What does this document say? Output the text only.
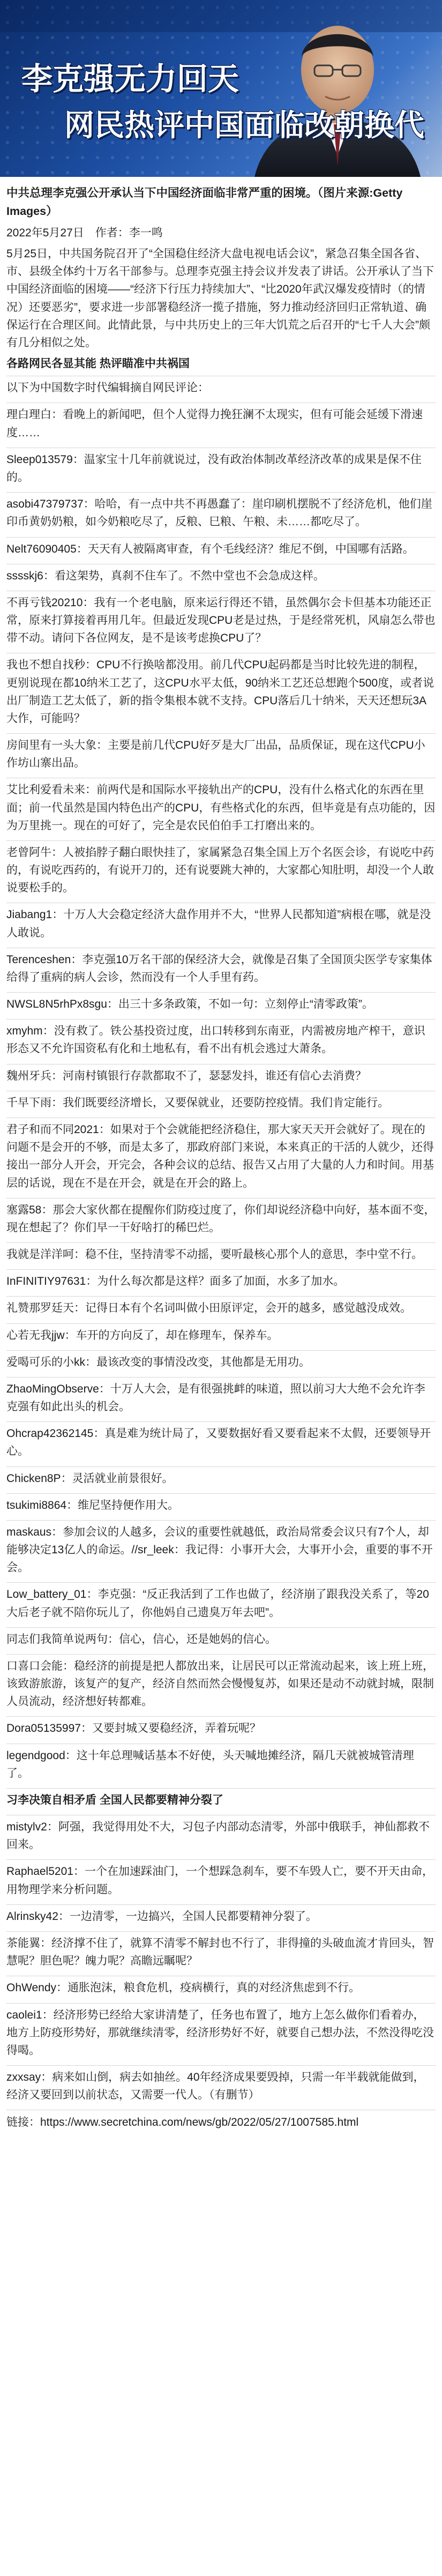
李克强无力回天
网民热评中国面临改朝换代

中共总理李克强公开承认当下中国经济面临非常严重的困境。（图片来源:Getty Images）

2022年5月27日　作者：李一鸣

5月25日，中共国务院召开了“全国稳住经济大盘电视电话会议”，紧急召集全国各省、市、县级全体约十万名干部参与。总理李克强主持会议并发表了讲话。公开承认了当下中国经济面临的困境——“经济下行压力持续加大”、“比2020年武汉爆发疫情时（的情况）还要恶劣”，要求进一步部署稳经济一揽子措施，努力推动经济回归正常轨道、确保运行在合理区间。此情此景，与中共历史上的三年大饥荒之后召开的“七千人大会”颇有几分相似之处。

各路网民各显其能 热评瞄准中共祸国

以下为中国数字时代编辑摘自网民评论：

理白理白：看晚上的新闻吧，但个人觉得力挽狂澜不太现实，但有可能会延缓下滑速度……

Sleep013579：温家宝十几年前就说过，没有政治体制改革经济改革的成果是保不住的。

asobi47379737：哈哈，有一点中共不再愚蠢了：崖印刷机摆脱不了经济危机，他们崖印币黄奶奶粮，如今奶粮吃尽了，反粮、巳粮、午粮、未……都吃尽了。

Nelt76090405：天天有人被隔离审查，有个毛线经济？维尼不倒，中国哪有活路。

sssskj6：看这架势，真刹不住车了。不然中堂也不会急成这样。

不再亏钱20210：我有一个老电脑，原来运行得还不错，虽然偶尔会卡但基本功能还正常，原来打算接着再用几年。但最近发现CPU老是过热，于是经常死机，风扇怎么带也带不动。请问下各位网友，是不是该考虑换CPU了？

我也不想自找秒：CPU不行换啥都没用。前几代CPU起码都是当时比较先进的制程，更别说现在都10纳米工艺了，这CPU水平太低，90纳米工艺还总想跑个500度，或者说出厂制造工艺太低了，新的指令集根本就不支持。CPU落后几十纳米，天天还想玩3A大作，可能吗？

房间里有一头大象：主要是前几代CPU好歹是大厂出品，品质保证，现在这代CPU小作坊山寨出品。

艾比利爱看未来：前两代是和国际水平接轨出产的CPU，没有什么格式化的东西在里面；前一代虽然是国内特色出产的CPU，有些格式化的东西，但毕竟是有点功能的，因为万里挑一。现在的可好了，完全是农民伯伯手工打磨出来的。

老曾阿牛：人被掐脖子翻白眼快挂了，家属紧急召集全国上万个名医会诊，有说吃中药的，有说吃西药的，有说开刀的，还有说要跳大神的，大家都心知肚明，却没一个人敢说要松手的。

Jiabang1：十万人大会稳定经济大盘作用并不大，“世界人民都知道”病根在哪，就是没人敢说。

Terenceshen：李克强10万名干部的保经济大会，就像是召集了全国顶尖医学专家集体给得了重病的病人会诊，然而没有一个人手里有药。

NWSL8N5rhPx8sgu：出三十多条政策，不如一句：立刻停止“清零政策”。

xmyhm：没有救了。铁公基投资过度，出口转移到东南亚，内需被房地产榨干，意识形态又不允许国资私有化和土地私有，看不出有机会逃过大萧条。

魏州牙兵：河南村镇银行存款都取不了，瑟瑟发抖，谁还有信心去消费？

千早下雨：我们既要经济增长，又要保就业，还要防控疫情。我们肯定能行。

君子和而不同2021：如果对于个会就能把经济稳住，那大家天天开会就好了。现在的问题不是会开的不够，而是太多了，那政府部门来说，本来真正的干活的人就少，还得接出一部分人开会，开完会，各种会议的总结、报告又占用了大量的人力和时间。用基层的话说，现在不是在开会，就是在开会的路上。

塞露58：那会大家伙都在提醒你们防疫过度了，你们却说经济稳中向好，基本面不变，现在想起了？你们早一干好啥打的稀巴烂。

我就是洋洋呵：稳不住，坚持清零不动摇，要听最核心那个人的意思，李中堂不行。

InFINITIY97631：为什么每次都是这样？面多了加面，水多了加水。

礼赞那罗廷天：记得日本有个名词叫做小田原评定，会开的越多，感觉越没成效。

心若无我jjw：车开的方向反了，却在修理车，保养车。

爱喝可乐的小kk：最该改变的事情没改变，其他都是无用功。

ZhaoMingObserve：十万人大会，是有很强挑衅的味道，照以前习大大绝不会允许李克强有如此出头的机会。

Ohcrap42362145：真是难为统计局了，又要数据好看又要看起来不太假，还要领导开心。

Chicken8P：灵活就业前景很好。

tsukimi8864：维尼坚持便作用大。

maskaus：参加会议的人越多，会议的重要性就越低，政治局常委会议只有7个人，却能够决定13亿人的命运。//sr_leek：我记得：小事开大会，大事开小会，重要的事不开会。

Low_battery_01：李克强：“反正我活到了工作也做了，经济崩了跟我没关系了，等20大后老子就不陪你玩儿了，你他妈自己遗臭万年去吧”。

同志们我简单说两句：信心，信心，还是她妈的信心。

口喜口会能：稳经济的前提是把人都放出来，让居民可以正常流动起来，该上班上班，该致游旅游，该复产的复产，经济自然而然会慢慢复苏，如果还是动不动就封城，限制人员流动，经济想好转都难。

Dora05135997：又要封城又要稳经济，弄着玩呢？

legendgood：这十年总理喊话基本不好使，头天喊地摊经济，隔几天就被城管清理了。

习李决策自相矛盾 全国人民都要精神分裂了

mistylv2：阿强，我觉得用处不大，习包子内部动态清零，外部中俄联手，神仙都救不回来。

Raphael5201：一个在加速踩油门，一个想踩急刹车，要不车毁人亡，要不开天由命，用物理学来分析问题。

Alrinsky42：一边清零，一边搞兴，全国人民都要精神分裂了。

茶能翼：经济撑不住了，就算不清零不解封也不行了，非得撞的头破血流才肯回头，智慧呢？胆色呢？魄力呢？高瞻远瞩呢？

OhWendy：通胀泡沫，粮食危机，疫病横行，真的对经济焦虑到不行。

caolei1：经济形势已经给大家讲清楚了，任务也布置了，地方上怎么做你们看着办，地方上防疫形势好，那就继续清零，经济形势好不好，就要自己想办法，不然没得吃没得喝。

zxxsay：病来如山倒，病去如抽丝。40年经济成果要毁掉，只需一年半载就能做到，经济又要回到以前状态，又需要一代人。（有删节）

链接：https://www.secretchina.com/news/gb/2022/05/27/1007585.html
